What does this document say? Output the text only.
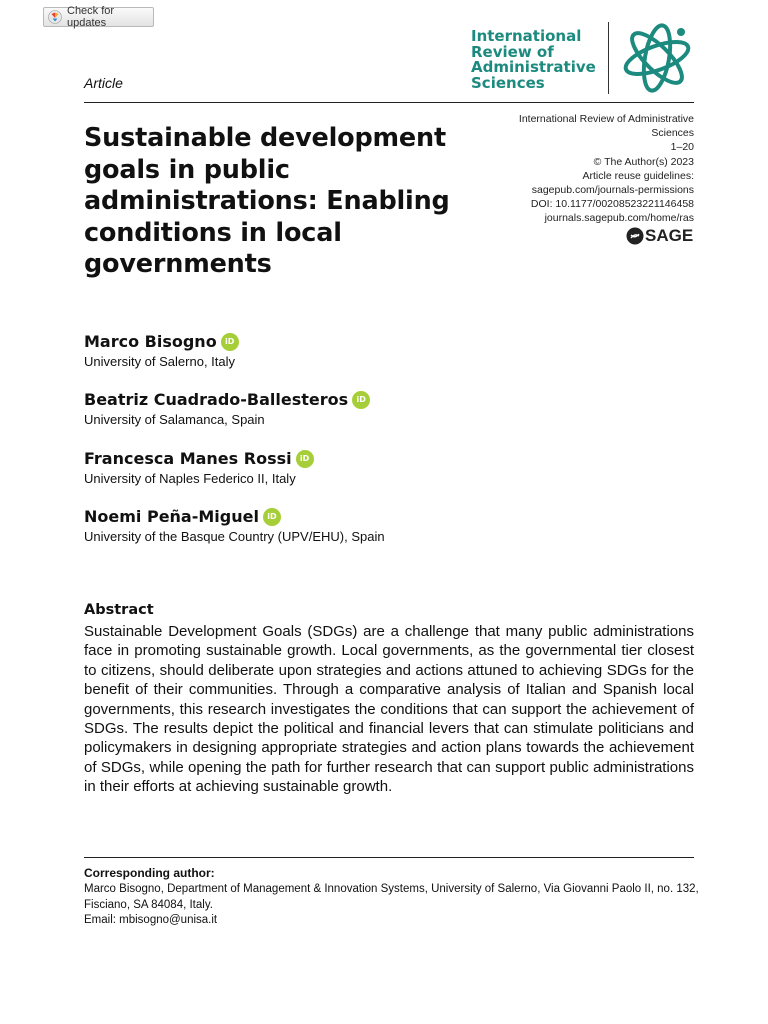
Check for updates
Article
International
Review of
Administrative
Sciences
Sustainable development goals in public administrations: Enabling conditions in local governments
International Review of Administrative
Sciences
1–20
© The Author(s) 2023
Article reuse guidelines:
sagepub.com/journals-permissions
DOI: 10.1177/00208523221146458
journals.sagepub.com/home/ras
SAGE
Marco Bisogno	iD
University of Salerno, Italy
Beatriz Cuadrado-Ballesteros	iD
University of Salamanca, Spain
Francesca Manes Rossi	iD
University of Naples Federico II, Italy
Noemi Peña-Miguel	iD
University of the Basque Country (UPV/EHU), Spain
Abstract

Sustainable Development Goals (SDGs) are a challenge that many public administrations face in promoting sustainable growth. Local governments, as the governmental tier closest to citizens, should deliberate upon strategies and actions attuned to achieving SDGs for the benefit of their communities. Through a comparative analysis of Italian and Spanish local governments, this research investigates the conditions that can support the achievement of SDGs. The results depict the political and financial levers that can stimulate politicians and policymakers in designing appropriate strategies and action plans towards the achievement of SDGs, while opening the path for further research that can support public administrations in their efforts at achieving sustainable growth.

Corresponding author:
Marco Bisogno, Department of Management & Innovation Systems, University of Salerno, Via Giovanni Paolo II, no. 132, Fisciano, SA 84084, Italy.
Email: mbisogno@unisa.it
